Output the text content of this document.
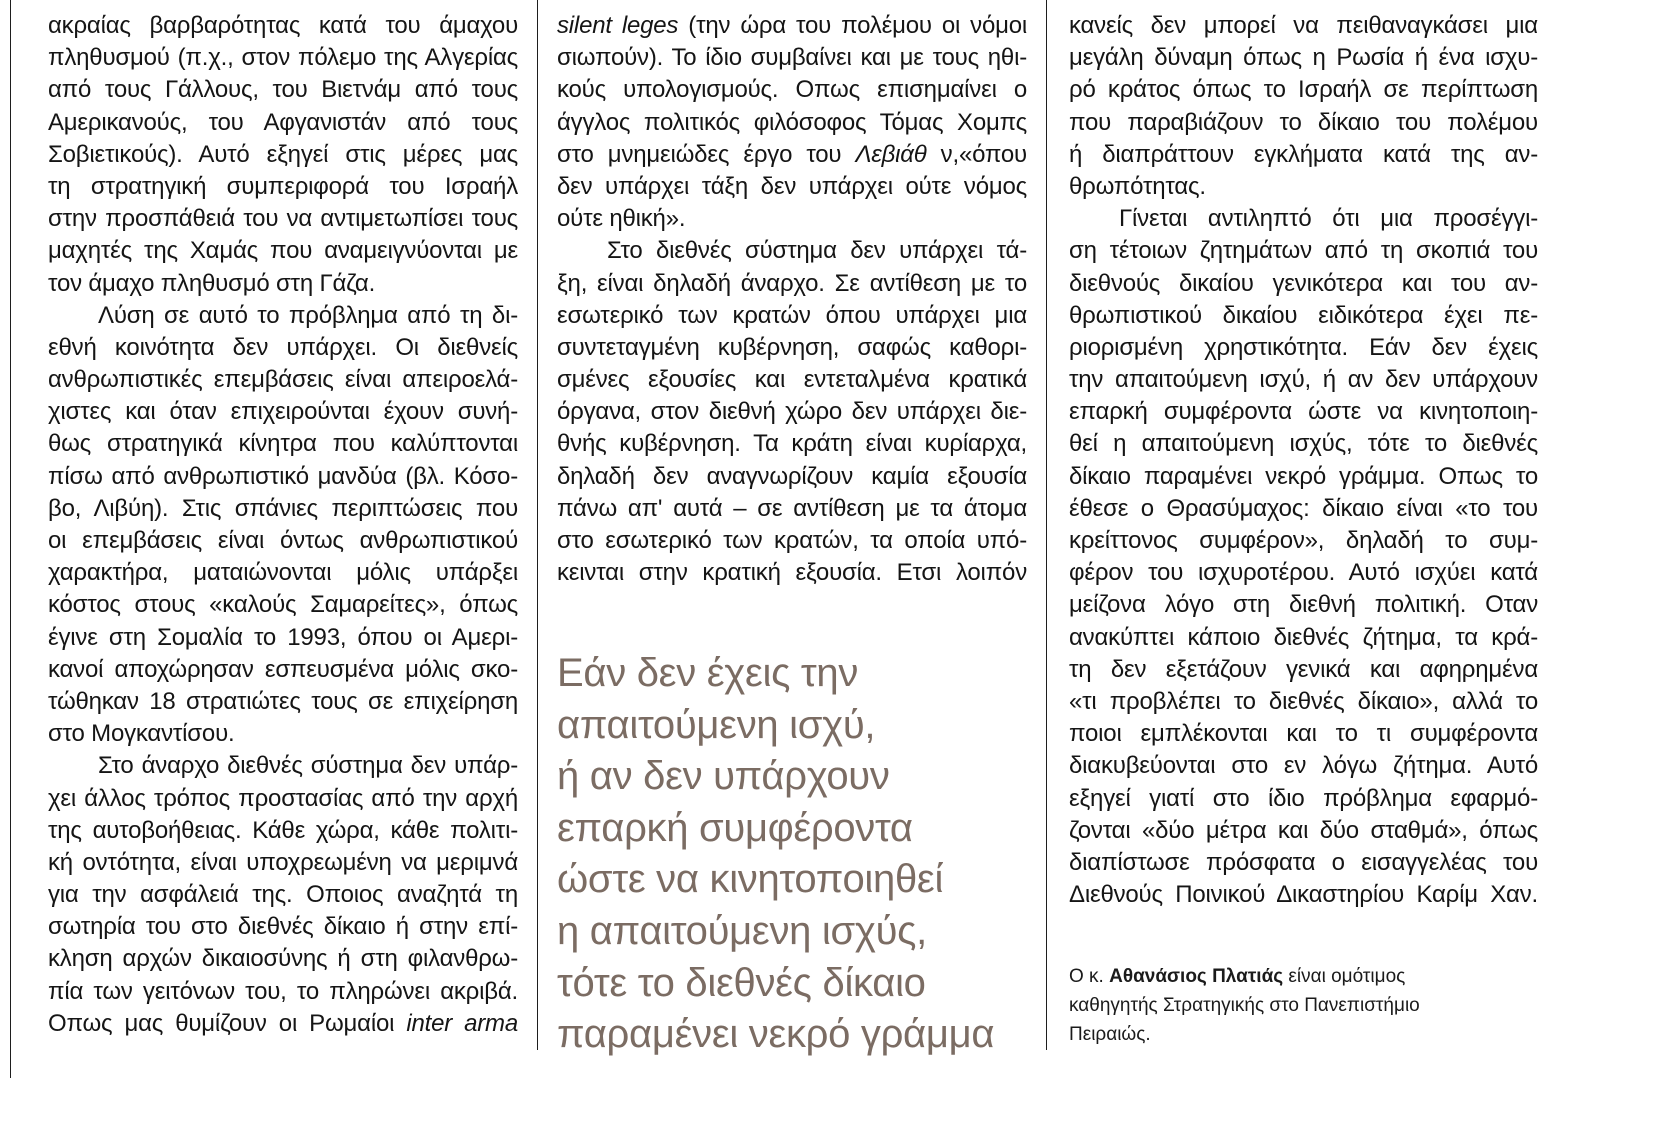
ακραίας βαρβαρότητας κατά του άμαχου
πληθυσμού (π.χ., στον πόλεμο της Αλγερίας
από τους Γάλλους, του Βιετνάμ από τους
Αμερικανούς, του Αφγανιστάν από τους
Σοβιετικούς). Αυτό εξηγεί στις μέρες μας
τη στρατηγική συμπεριφορά του Ισραήλ
στην προσπάθειά του να αντιμετωπίσει τους
μαχητές της Χαμάς που αναμειγνύονται με
τον άμαχο πληθυσμό στη Γάζα.
Λύση σε αυτό το πρόβλημα από τη δι-
εθνή κοινότητα δεν υπάρχει. Οι διεθνείς
ανθρωπιστικές επεμβάσεις είναι απειροελά-
χιστες και όταν επιχειρούνται έχουν συνή-
θως στρατηγικά κίνητρα που καλύπτονται
πίσω από ανθρωπιστικό μανδύα (βλ. Κόσο-
βο, Λιβύη). Στις σπάνιες περιπτώσεις που
οι επεμβάσεις είναι όντως ανθρωπιστικού
χαρακτήρα, ματαιώνονται μόλις υπάρξει
κόστος στους «καλούς Σαμαρείτες», όπως
έγινε στη Σομαλία το 1993, όπου οι Αμερι-
κανοί αποχώρησαν εσπευσμένα μόλις σκο-
τώθηκαν 18 στρατιώτες τους σε επιχείρηση
στο Μογκαντίσου.
Στο άναρχο διεθνές σύστημα δεν υπάρ-
χει άλλος τρόπος προστασίας από την αρχή
της αυτοβοήθειας. Κάθε χώρα, κάθε πολιτι-
κή οντότητα, είναι υποχρεωμένη να μεριμνά
για την ασφάλειά της. Οποιος αναζητά τη
σωτηρία του στο διεθνές δίκαιο ή στην επί-
κληση αρχών δικαιοσύνης ή στη φιλανθρω-
πία των γειτόνων του, το πληρώνει ακριβά.
Οπως μας θυμίζουν οι Ρωμαίοι inter arma
silent leges (την ώρα του πολέμου οι νόμοι
σιωπούν). Το ίδιο συμβαίνει και με τους ηθι-
κούς υπολογισμούς. Οπως επισημαίνει ο
άγγλος πολιτικός φιλόσοφος Τόμας Χομπς
στο μνημειώδες έργο του Λεβιάθ ν,«όπου
δεν υπάρχει τάξη δεν υπάρχει ούτε νόμος
ούτε ηθική».
Στο διεθνές σύστημα δεν υπάρχει τά-
ξη, είναι δηλαδή άναρχο. Σε αντίθεση με το
εσωτερικό των κρατών όπου υπάρχει μια
συντεταγμένη κυβέρνηση, σαφώς καθορι-
σμένες εξουσίες και εντεταλμένα κρατικά
όργανα, στον διεθνή χώρο δεν υπάρχει διε-
θνής κυβέρνηση. Τα κράτη είναι κυρίαρχα,
δηλαδή δεν αναγνωρίζουν καμία εξουσία
πάνω απ' αυτά – σε αντίθεση με τα άτομα
στο εσωτερικό των κρατών, τα οποία υπό-
κεινται στην κρατική εξουσία. Ετσι λοιπόν
Εάν δεν έχεις την
απαιτούμενη ισχύ,
ή αν δεν υπάρχουν
επαρκή συμφέροντα
ώστε να κινητοποιηθεί
η απαιτούμενη ισχύς,
τότε το διεθνές δίκαιο
παραμένει νεκρό γράμμα
κανείς δεν μπορεί να πειθαναγκάσει μια
μεγάλη δύναμη όπως η Ρωσία ή ένα ισχυ-
ρό κράτος όπως το Ισραήλ σε περίπτωση
που παραβιάζουν το δίκαιο του πολέμου
ή διαπράττουν εγκλήματα κατά της αν-
θρωπότητας.
Γίνεται αντιληπτό ότι μια προσέγγι-
ση τέτοιων ζητημάτων από τη σκοπιά του
διεθνούς δικαίου γενικότερα και του αν-
θρωπιστικού δικαίου ειδικότερα έχει πε-
ριορισμένη χρηστικότητα. Εάν δεν έχεις
την απαιτούμενη ισχύ, ή αν δεν υπάρχουν
επαρκή συμφέροντα ώστε να κινητοποιη-
θεί η απαιτούμενη ισχύς, τότε το διεθνές
δίκαιο παραμένει νεκρό γράμμα. Οπως το
έθεσε ο Θρασύμαχος: δίκαιο είναι «το του
κρείττονος συμφέρον», δηλαδή το συμ-
φέρον του ισχυροτέρου. Αυτό ισχύει κατά
μείζονα λόγο στη διεθνή πολιτική. Οταν
ανακύπτει κάποιο διεθνές ζήτημα, τα κρά-
τη δεν εξετάζουν γενικά και αφηρημένα
«τι προβλέπει το διεθνές δίκαιο», αλλά το
ποιοι εμπλέκονται και το τι συμφέροντα
διακυβεύονται στο εν λόγω ζήτημα. Αυτό
εξηγεί γιατί στο ίδιο πρόβλημα εφαρμό-
ζονται «δύο μέτρα και δύο σταθμά», όπως
διαπίστωσε πρόσφατα ο εισαγγελέας του
Διεθνούς Ποινικού Δικαστηρίου Καρίμ Χαν.
Ο κ. Αθανάσιος Πλατιάς είναι ομότιμος
καθηγητής Στρατηγικής στο Πανεπιστήμιο
Πειραιώς.
